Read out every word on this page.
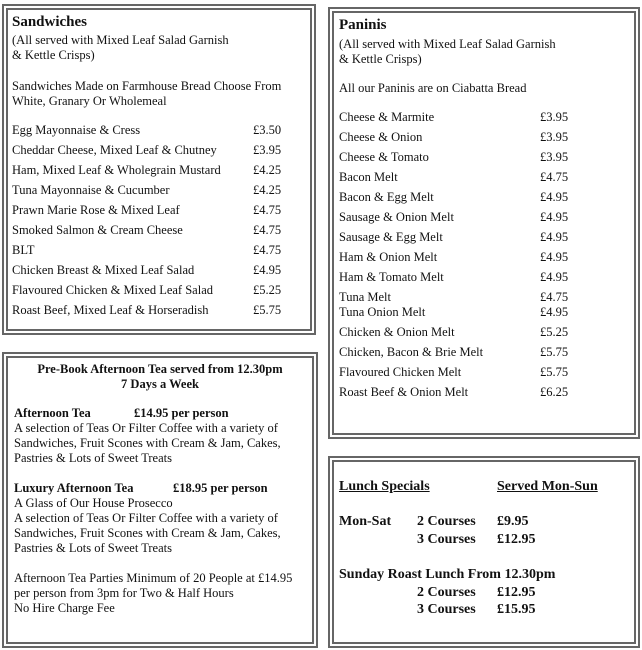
Sandwiches
(All served with Mixed Leaf Salad Garnish
& Kettle Crisps)
Sandwiches Made on Farmhouse Bread Choose From
White, Granary Or Wholemeal
Egg Mayonnaise & Cress	£3.50
Cheddar Cheese, Mixed Leaf & Chutney	£3.95
Ham, Mixed Leaf & Wholegrain Mustard	£4.25
Tuna Mayonnaise & Cucumber	£4.25
Prawn Marie Rose & Mixed Leaf	£4.75
Smoked Salmon & Cream Cheese	£4.75
BLT	£4.75
Chicken Breast & Mixed Leaf Salad	£4.95
Flavoured Chicken & Mixed Leaf Salad	£5.25
Roast Beef, Mixed Leaf & Horseradish	£5.75
Paninis
(All served with Mixed Leaf Salad Garnish
& Kettle Crisps)
All our Paninis are on Ciabatta Bread
Cheese & Marmite	£3.95
Cheese & Onion	£3.95
Cheese & Tomato	£3.95
Bacon Melt	£4.75
Bacon & Egg Melt	£4.95
Sausage & Onion Melt	£4.95
Sausage & Egg Melt	£4.95
Ham & Onion Melt	£4.95
Ham & Tomato Melt	£4.95
Tuna Melt	£4.75
Tuna Onion Melt	£4.95
Chicken & Onion Melt	£5.25
Chicken, Bacon & Brie Melt	£5.75
Flavoured Chicken Melt	£5.75
Roast Beef & Onion Melt	£6.25
Pre-Book Afternoon Tea served from 12.30pm
7 Days a Week
Afternoon Tea	£14.95 per person
A selection of Teas Or Filter Coffee with a variety of
Sandwiches, Fruit Scones with Cream & Jam, Cakes,
Pastries & Lots of Sweet Treats
Luxury Afternoon Tea	£18.95 per person
A Glass of Our House Prosecco
A selection of Teas Or Filter Coffee with a variety of
Sandwiches, Fruit Scones with Cream & Jam, Cakes,
Pastries & Lots of Sweet Treats
Afternoon Tea Parties Minimum of 20 People at £14.95
per person from 3pm for Two & Half Hours
No Hire Charge Fee
Lunch Specials	Served Mon-Sun
Mon-Sat 2 Courses £9.95
3 Courses £12.95
Sunday Roast Lunch From 12.30pm
2 Courses £12.95
3 Courses £15.95
